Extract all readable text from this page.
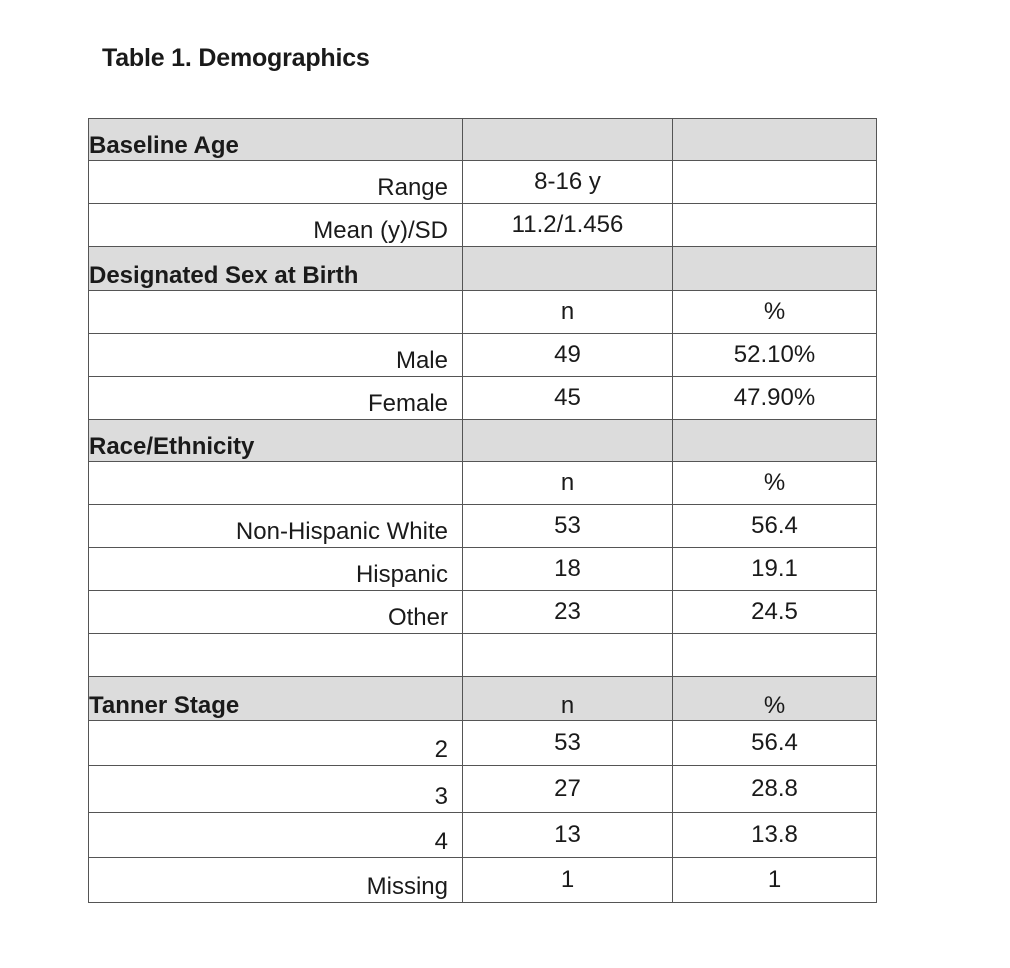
Table 1. Demographics
Baseline Age		
Range	8-16 y	
Mean (y)/SD	11.2/1.456	
Designated Sex at Birth		
	n	%
Male	49	52.10%
Female	45	47.90%
Race/Ethnicity		
	n	%
Non-Hispanic White	53	56.4
Hispanic	18	19.1
Other	23	24.5

Tanner Stage	n	%
2	53	56.4
3	27	28.8
4	13	13.8
Missing	1	1
